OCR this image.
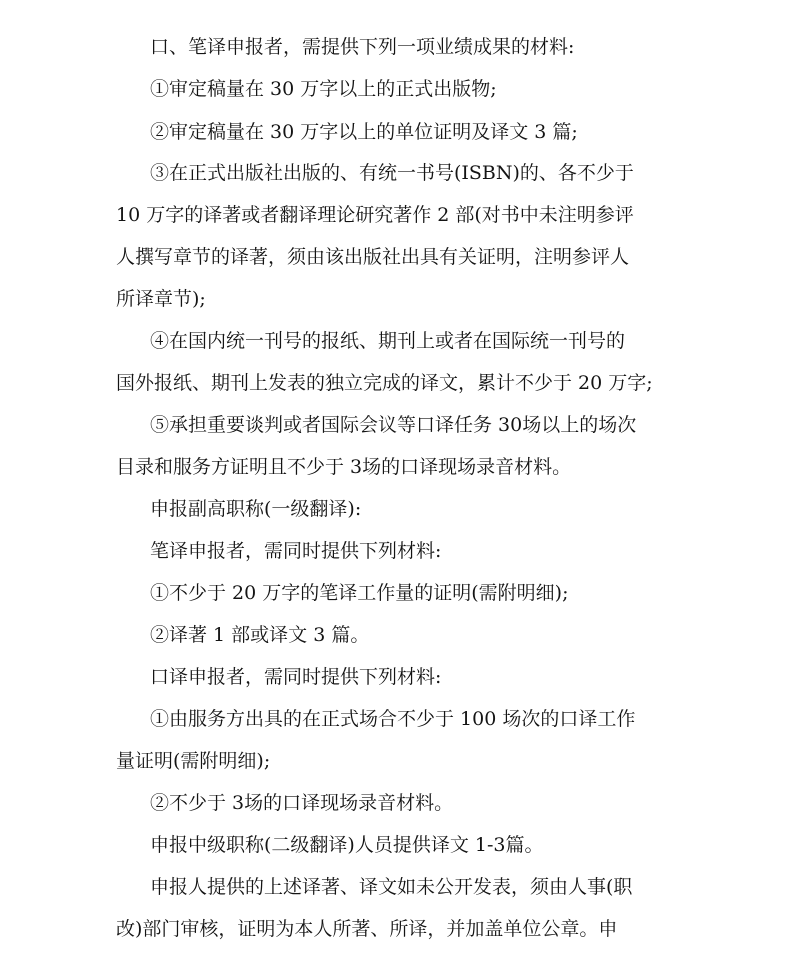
口、笔译申报者，需提供下列一项业绩成果的材料:

①审定稿量在 30 万字以上的正式出版物;

②审定稿量在 30 万字以上的单位证明及译文 3 篇;

③在正式出版社出版的、有统一书号(ISBN)的、各不少于

10 万字的译著或者翻译理论研究著作 2 部(对书中未注明参评

人撰写章节的译著，须由该出版社出具有关证明，注明参评人

所译章节);

④在国内统一刊号的报纸、期刊上或者在国际统一刊号的

国外报纸、期刊上发表的独立完成的译文，累计不少于 20 万字;

⑤承担重要谈判或者国际会议等口译任务 30场以上的场次

目录和服务方证明且不少于 3场的口译现场录音材料。

申报副高职称(一级翻译):

笔译申报者，需同时提供下列材料:

①不少于 20 万字的笔译工作量的证明(需附明细);

②译著 1 部或译文 3 篇。

口译申报者，需同时提供下列材料:

①由服务方出具的在正式场合不少于 100 场次的口译工作

量证明(需附明细);

②不少于 3场的口译现场录音材料。

申报中级职称(二级翻译)人员提供译文 1-3篇。

申报人提供的上述译著、译文如未公开发表，须由人事(职

改)部门审核，证明为本人所著、所译，并加盖单位公章。申
